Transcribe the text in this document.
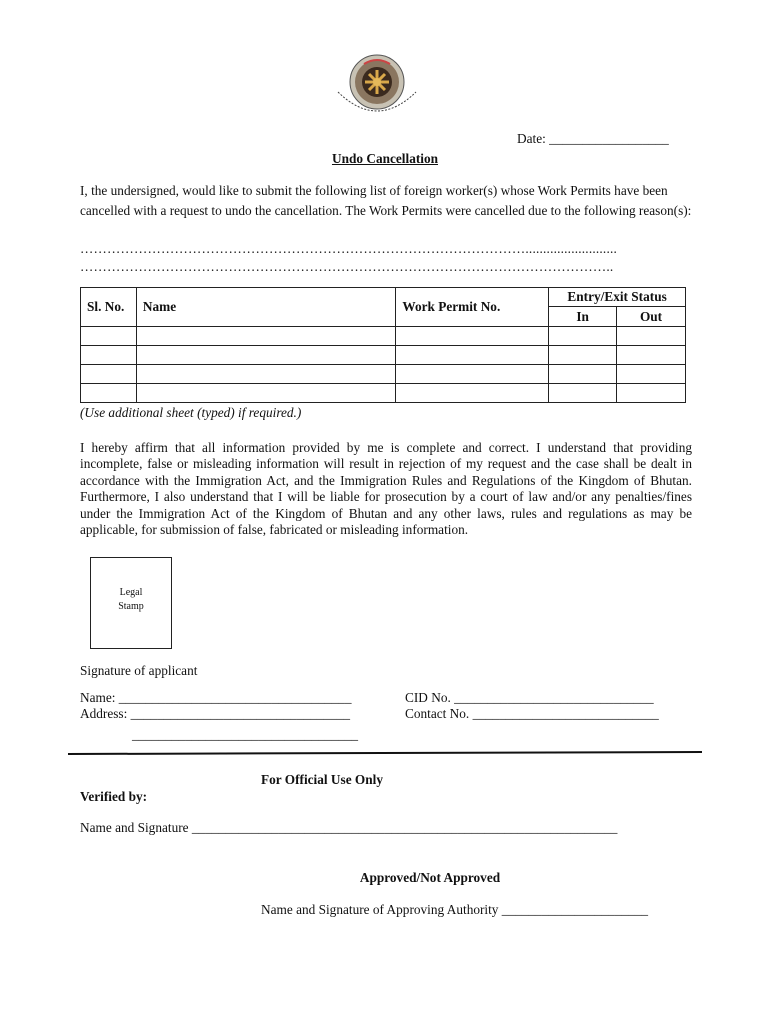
Date: __________________
Undo Cancellation
I, the undersigned, would like to submit the following list of foreign worker(s) whose Work Permits have been cancelled with a request to undo the cancellation. The Work Permits were cancelled due to the following reason(s):
………………………………………………………………………………………..........................
………………………………………………………………………………………………………..
Sl. No.	Name	Work Permit No.	Entry/Exit Status	
			In	Out

(Use additional sheet (typed) if required.)
I hereby affirm that all information provided by me is complete and correct. I understand that providing incomplete, false or misleading information will result in rejection of my request and the case shall be dealt in accordance with the Immigration Act, and the Immigration Rules and Regulations of the Kingdom of Bhutan. Furthermore, I also understand that I will be liable for prosecution by a court of law and/or any penalties/fines under the Immigration Act of the Kingdom of Bhutan and any other laws, rules and regulations as may be applicable, for submission of false, fabricated or misleading information.
Legal
Stamp
Signature of applicant
Name: ___________________________________	CID No. ______________________________
Address: _________________________________	Contact No. ____________________________
__________________________________
For Official Use Only
Verified by:
Name and Signature ________________________________________________________________
Approved/Not Approved
Name and Signature of Approving Authority ______________________
